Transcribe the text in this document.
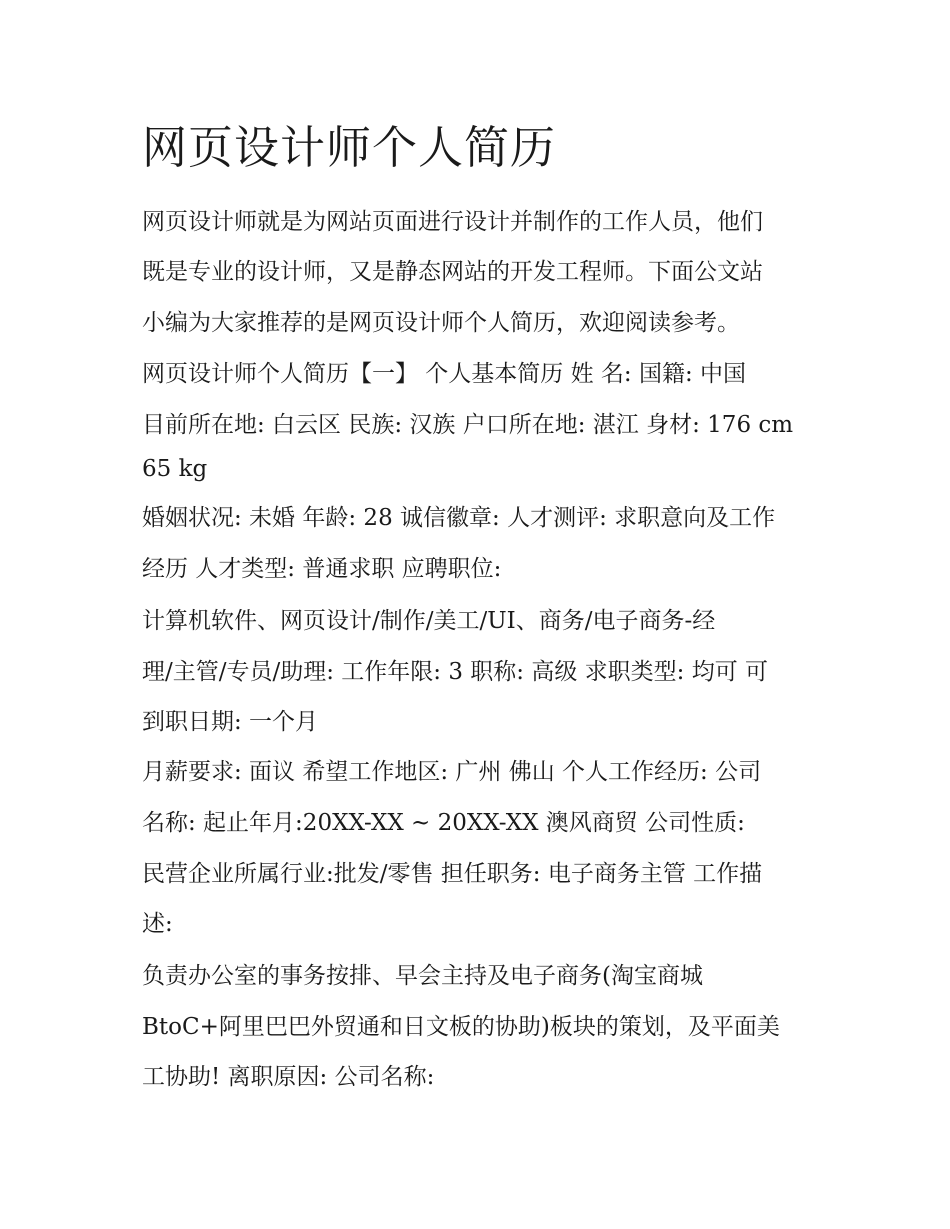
网页设计师个人简历

网页设计师就是为网站页面进行设计并制作的工作人员，他们

既是专业的设计师，又是静态网站的开发工程师。下面公文站

小编为大家推荐的是网页设计师个人简历，欢迎阅读参考。

网页设计师个人简历【一】 个人基本简历 姓 名: 国籍: 中国

目前所在地: 白云区 民族: 汉族 户口所在地: 湛江 身材: 176 cm

65 kg

婚姻状况: 未婚 年龄: 28 诚信徽章: 人才测评: 求职意向及工作

经历 人才类型: 普通求职 应聘职位:

计算机软件、网页设计/制作/美工/UI、商务/电子商务-经

理/主管/专员/助理: 工作年限: 3 职称: 高级 求职类型: 均可 可

到职日期: 一个月

月薪要求: 面议 希望工作地区: 广州 佛山 个人工作经历: 公司

名称: 起止年月:20XX-XX ~ 20XX-XX 澳风商贸 公司性质:

民营企业所属行业:批发/零售 担任职务: 电子商务主管 工作描

述:

负责办公室的事务按排、早会主持及电子商务(淘宝商城

BtoC+阿里巴巴外贸通和日文板的协助)板块的策划，及平面美

工协助! 离职原因: 公司名称:
